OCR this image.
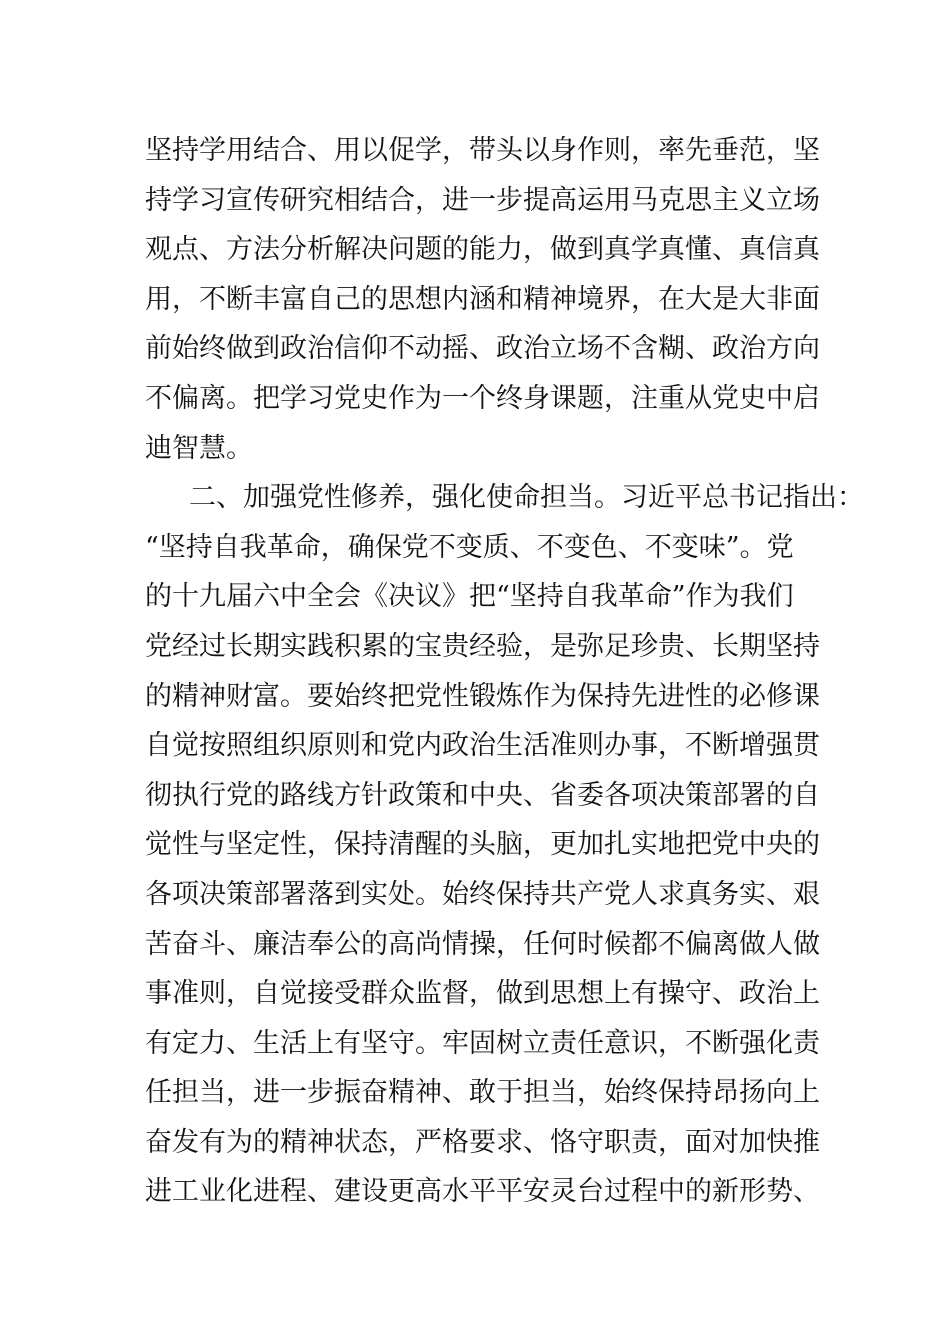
坚持学用结合、用以促学，带头以身作则，率先垂范，坚
持学习宣传研究相结合，进一步提高运用马克思主义立场
观点、方法分析解决问题的能力，做到真学真懂、真信真
用，不断丰富自己的思想内涵和精神境界，在大是大非面
前始终做到政治信仰不动摇、政治立场不含糊、政治方向
不偏离。把学习党史作为一个终身课题，注重从党史中启
迪智慧。
二、加强党性修养，强化使命担当。习近平总书记指出：
“坚持自我革命，确保党不变质、不变色、不变味”。党
的十九届六中全会《决议》把“坚持自我革命”作为我们
党经过长期实践积累的宝贵经验，是弥足珍贵、长期坚持
的精神财富。要始终把党性锻炼作为保持先进性的必修课
自觉按照组织原则和党内政治生活准则办事，不断增强贯
彻执行党的路线方针政策和中央、省委各项决策部署的自
觉性与坚定性，保持清醒的头脑，更加扎实地把党中央的
各项决策部署落到实处。始终保持共产党人求真务实、艰
苦奋斗、廉洁奉公的高尚情操，任何时候都不偏离做人做
事准则，自觉接受群众监督，做到思想上有操守、政治上
有定力、生活上有坚守。牢固树立责任意识，不断强化责
任担当，进一步振奋精神、敢于担当，始终保持昂扬向上
奋发有为的精神状态，严格要求、恪守职责，面对加快推
进工业化进程、建设更高水平平安灵台过程中的新形势、
